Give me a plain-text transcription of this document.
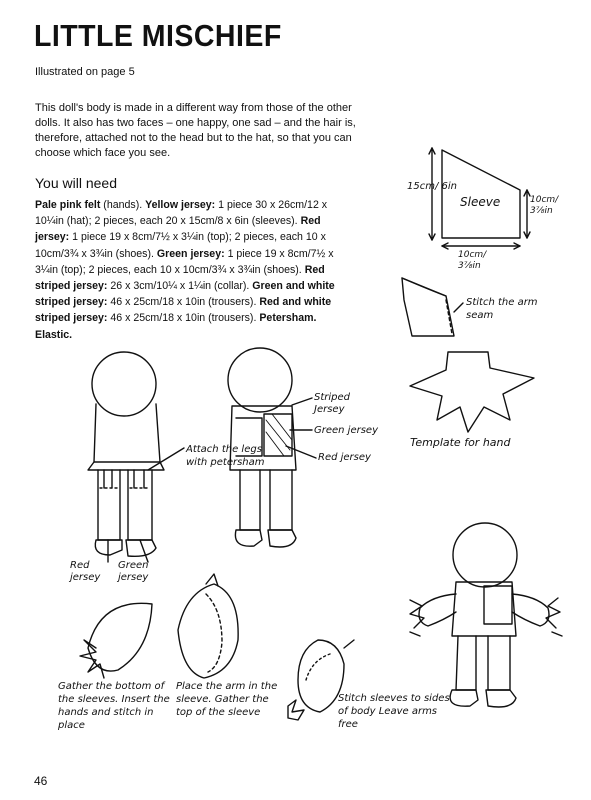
LITTLE MISCHIEF
Illustrated on page 5
This doll's body is made in a different way from those of the other dolls. It also has two faces – one happy, one sad – and the hair is, therefore, attached not to the head but to the hat, so that you can choose which face you see.
You will need
Pale pink felt (hands). Yellow jersey: 1 piece 30 x 26cm/12 x 10¼in (hat); 2 pieces, each 20 x 15cm/8 x 6in (sleeves). Red jersey: 1 piece 19 x 8cm/7½ x 3¼in (top); 2 pieces, each 10 x 10cm/3¾ x 3¾in (shoes). Green jersey: 1 piece 19 x 8cm/7½ x 3¼in (top); 2 pieces, each 10 x 10cm/3¾ x 3¾in (shoes). Red striped jersey: 26 x 3cm/10¼ x 1¼in (collar). Green and white striped jersey: 46 x 25cm/18 x 10in (trousers). Red and white striped jersey: 46 x 25cm/18 x 10in (trousers). Petersham. Elastic.
15cm/ 6in
Sleeve	10cm/ 3⅞in
10cm/ 3⅞in
Stitch the arm seam
Template for hand
Striped Jersey
Green jersey
Red jersey
Attach the legs with petersham
Red jersey
Green jersey
Gather the bottom of the sleeves. Insert the hands and stitch in place
Place the arm in the sleeve. Gather the top of the sleeve
Stitch sleeves to sides of body Leave arms free
46
